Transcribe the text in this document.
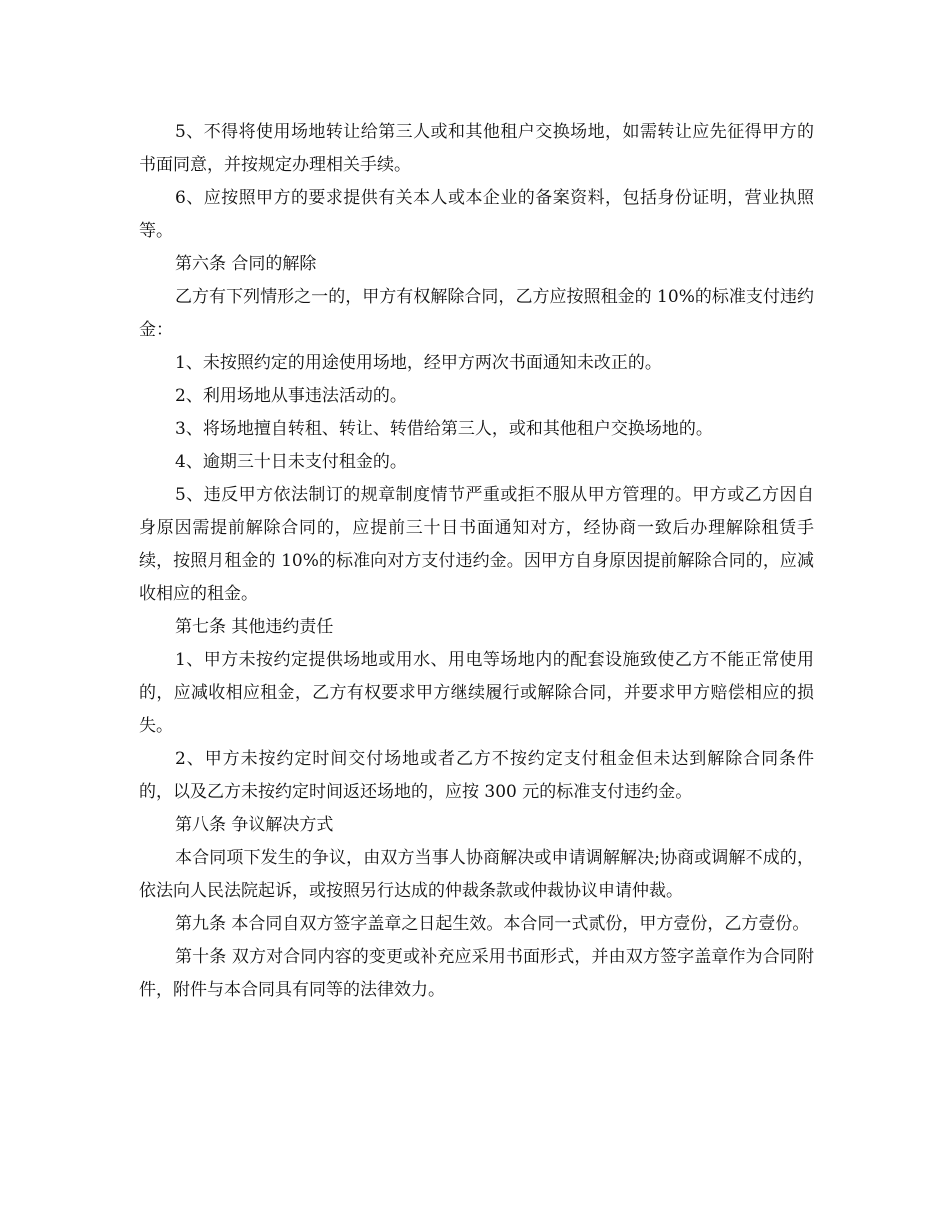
5、不得将使用场地转让给第三人或和其他租户交换场地，如需转让应先征得甲方的书面同意，并按规定办理相关手续。

6、应按照甲方的要求提供有关本人或本企业的备案资料，包括身份证明，营业执照等。

第六条 合同的解除

乙方有下列情形之一的，甲方有权解除合同，乙方应按照租金的 10%的标准支付违约金：

1、未按照约定的用途使用场地，经甲方两次书面通知未改正的。

2、利用场地从事违法活动的。

3、将场地擅自转租、转让、转借给第三人，或和其他租户交换场地的。

4、逾期三十日未支付租金的。

5、违反甲方依法制订的规章制度情节严重或拒不服从甲方管理的。甲方或乙方因自身原因需提前解除合同的，应提前三十日书面通知对方，经协商一致后办理解除租赁手续，按照月租金的 10%的标准向对方支付违约金。因甲方自身原因提前解除合同的，应减收相应的租金。

第七条 其他违约责任

1、甲方未按约定提供场地或用水、用电等场地内的配套设施致使乙方不能正常使用的，应减收相应租金，乙方有权要求甲方继续履行或解除合同，并要求甲方赔偿相应的损失。

2、甲方未按约定时间交付场地或者乙方不按约定支付租金但未达到解除合同条件的，以及乙方未按约定时间返还场地的，应按 300 元的标准支付违约金。

第八条 争议解决方式

本合同项下发生的争议，由双方当事人协商解决或申请调解解决;协商或调解不成的，依法向人民法院起诉，或按照另行达成的仲裁条款或仲裁协议申请仲裁。

第九条 本合同自双方签字盖章之日起生效。本合同一式贰份，甲方壹份，乙方壹份。

第十条 双方对合同内容的变更或补充应采用书面形式，并由双方签字盖章作为合同附件，附件与本合同具有同等的法律效力。
